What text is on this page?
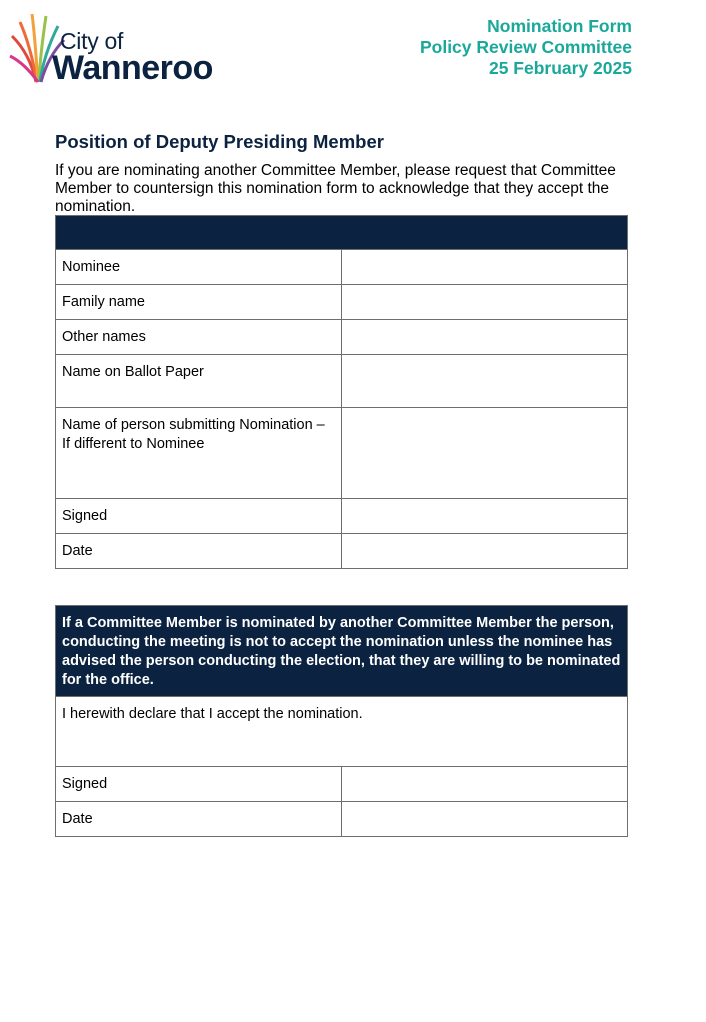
City of
Wanneroo
Nomination Form
Policy Review Committee
25 February 2025
Position of Deputy Presiding Member

If you are nominating another Committee Member, please request that Committee Member to countersign this nomination form to acknowledge that they accept the nomination.

Nominee	
Family name	
Other names	
Name on Ballot Paper	
Name of person submitting Nomination – If different to Nominee	
Signed	
Date	
If a Committee Member is nominated by another Committee Member the person, conducting the meeting is not to accept the nomination unless the nominee has advised the person conducting the election, that they are willing to be nominated for the office.	
I herewith declare that I accept the nomination.	
Signed	
Date	
